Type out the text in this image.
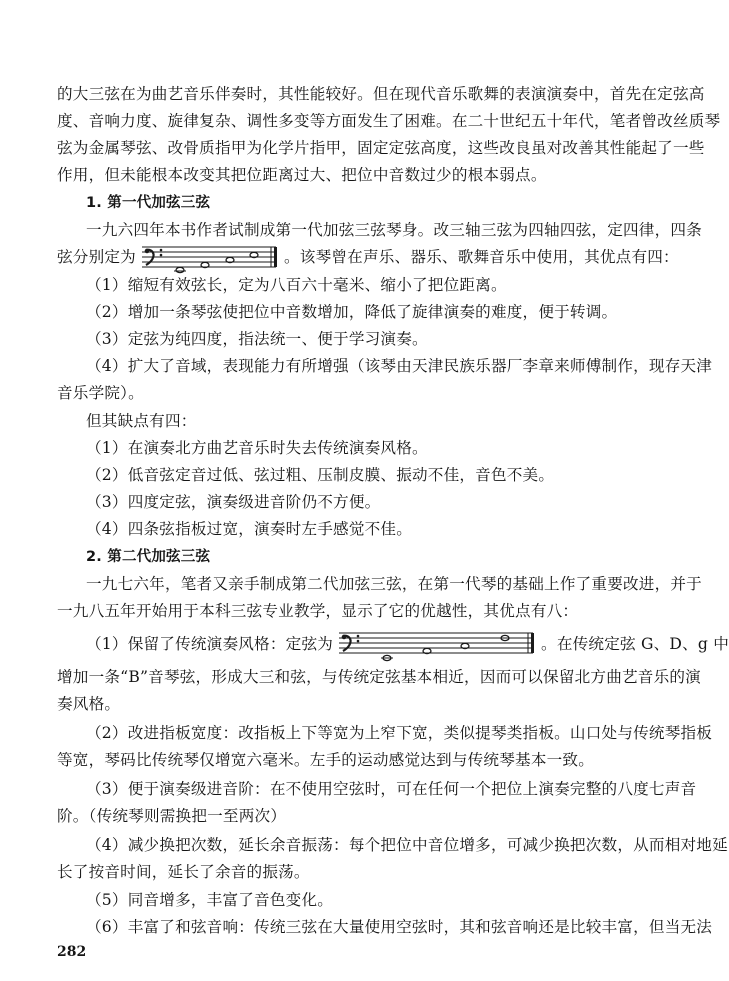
的大三弦在为曲艺音乐伴奏时，其性能较好。但在现代音乐歌舞的表演演奏中，首先在定弦高
度、音响力度、旋律复杂、调性多变等方面发生了困难。在二十世纪五十年代，笔者曾改丝质琴
弦为金属琴弦、改骨质指甲为化学片指甲，固定定弦高度，这些改良虽对改善其性能起了一些
作用，但未能根本改变其把位距离过大、把位中音数过少的根本弱点。
1. 第一代加弦三弦
一九六四年本书作者试制成第一代加弦三弦琴身。改三轴三弦为四轴四弦，定四律，四条
弦分别定为	。该琴曾在声乐、器乐、歌舞音乐中使用，其优点有四：
（1）缩短有效弦长，定为八百六十毫米、缩小了把位距离。
（2）增加一条琴弦使把位中音数增加，降低了旋律演奏的难度，便于转调。
（3）定弦为纯四度，指法统一、便于学习演奏。
（4）扩大了音域，表现能力有所增强（该琴由天津民族乐器厂李章来师傅制作，现存天津
音乐学院）。
但其缺点有四：
（1）在演奏北方曲艺音乐时失去传统演奏风格。
（2）低音弦定音过低、弦过粗、压制皮膜、振动不佳，音色不美。
（3）四度定弦，演奏级进音阶仍不方便。
（4）四条弦指板过宽，演奏时左手感觉不佳。
2. 第二代加弦三弦
一九七六年，笔者又亲手制成第二代加弦三弦，在第一代琴的基础上作了重要改进，并于
一九八五年开始用于本科三弦专业教学，显示了它的优越性，其优点有八：
（1）保留了传统演奏风格：定弦为	。在传统定弦 G、D、g 中
增加一条“B”音琴弦，形成大三和弦，与传统定弦基本相近，因而可以保留北方曲艺音乐的演
奏风格。
（2）改进指板宽度：改指板上下等宽为上窄下宽，类似提琴类指板。山口处与传统琴指板
等宽，琴码比传统琴仅增宽六毫米。左手的运动感觉达到与传统琴基本一致。
（3）便于演奏级进音阶：在不使用空弦时，可在任何一个把位上演奏完整的八度七声音
阶。（传统琴则需换把一至两次）
（4）减少换把次数，延长余音振荡：每个把位中音位增多，可减少换把次数，从而相对地延
长了按音时间，延长了余音的振荡。
（5）同音增多，丰富了音色变化。
（6）丰富了和弦音响：传统三弦在大量使用空弦时，其和弦音响还是比较丰富，但当无法
282
